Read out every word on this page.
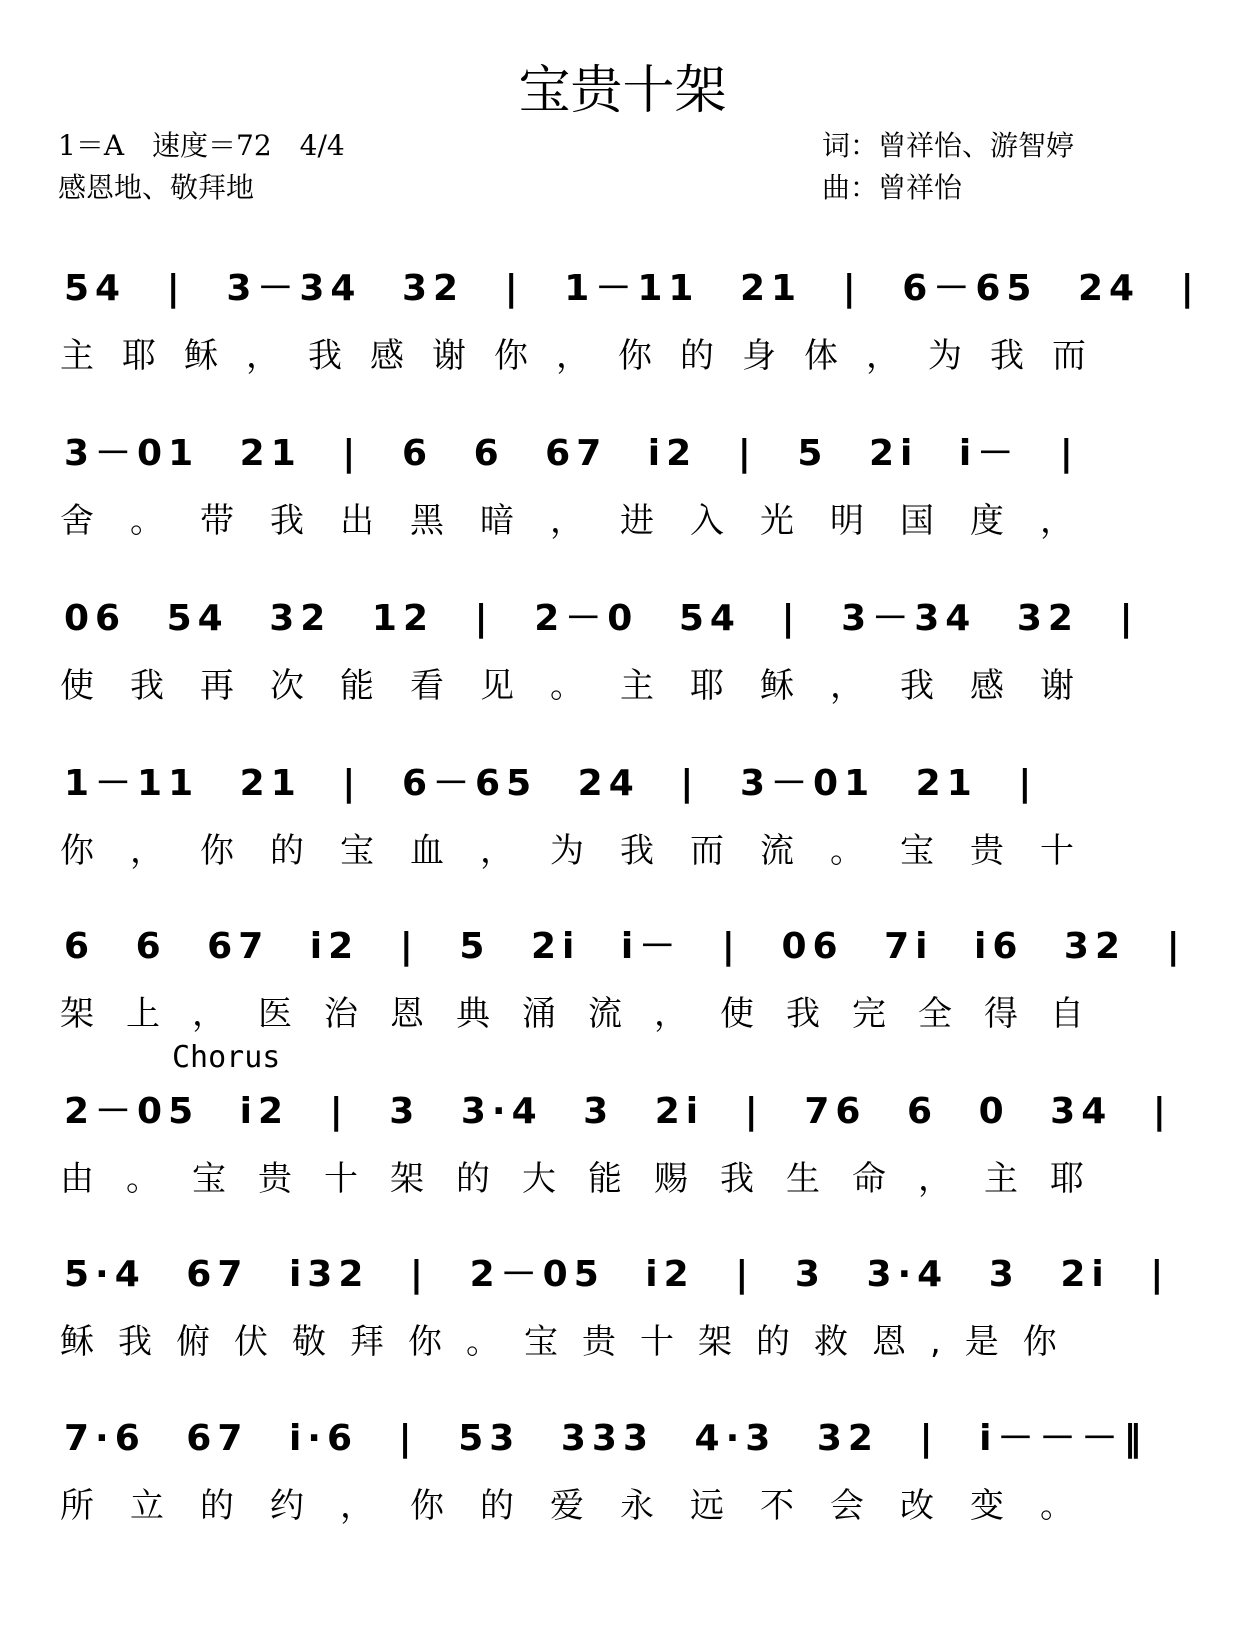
宝贵十架
1＝A　速度＝72　4/4
感恩地、敬拜地
词：曾祥怡、游智婷
曲：曾祥怡
Chorus
54 | 3－34 32 | 1－11 21 | 6－65 24 |
主耶稣，我感谢你，你的身体，为我而
3－01 21 | 6 6 67 i2 | 5 2i i－ |
舍。带我出黑暗，进入光明国度，
06 54 32 12 | 2－0 54 | 3－34 32 |
使我再次能看见。主耶稣，我感谢
1－11 21 | 6－65 24 | 3－01 21 |
你，你的宝血，为我而流。宝贵十
6 6 67 i2 | 5 2i i－ | 06 7i i6 32 |
架上，医治恩典涌流，使我完全得自
2－05 i2 | 3 3·4 3 2i | 76 6 0 34 |
由。宝贵十架的大能赐我生命，主耶
5·4 67 i32 | 2－05 i2 | 3 3·4 3 2i |
稣我俯伏敬拜你。宝贵十架的救恩,是你
7·6 67 i·6 | 53 333 4·3 32 | i－－－‖
所立的约，你的爱永远不会改变。
